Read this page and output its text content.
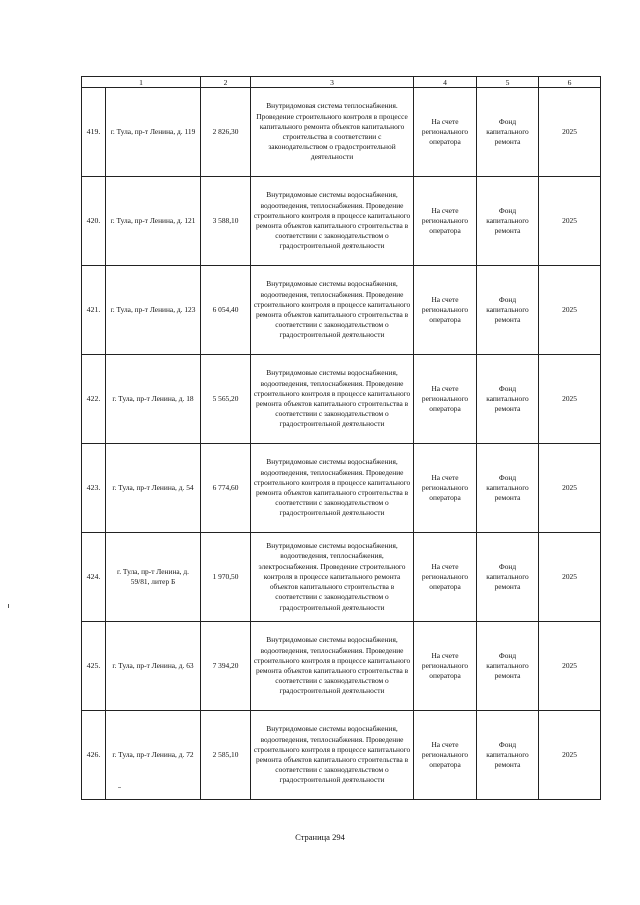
1		2	3	4	5	6
419.	г. Тула, пр-т Ленина, д. 119	2 826,30	Внутридомовая система теплоснабжения. Проведение строительного контроля в процессе капитального ремонта объектов капитального строительства в соответствии с законодательством о градостроительной деятельности	На счете регионального оператора	Фонд капитального ремонта	2025
420.	г. Тула, пр-т Ленина, д. 121	3 588,10	Внутридомовые системы водоснабжения, водоотведения, теплоснабжения. Проведение строительного контроля в процессе капитального ремонта объектов капитального строительства в соответствии с законодательством о градостроительной деятельности	На счете регионального оператора	Фонд капитального ремонта	2025
421.	г. Тула, пр-т Ленина, д. 123	6 054,40	Внутридомовые системы водоснабжения, водоотведения, теплоснабжения. Проведение строительного контроля в процессе капитального ремонта объектов капитального строительства в соответствии с законодательством о градостроительной деятельности	На счете регионального оператора	Фонд капитального ремонта	2025
422.	г. Тула, пр-т Ленина, д. 18	5 565,20	Внутридомовые системы водоснабжения, водоотведения, теплоснабжения. Проведение строительного контроля в процессе капитального ремонта объектов капитального строительства в соответствии с законодательством о градостроительной деятельности	На счете регионального оператора	Фонд капитального ремонта	2025
423.	г. Тула, пр-т Ленина, д. 54	6 774,60	Внутридомовые системы водоснабжения, водоотведения, теплоснабжения. Проведение строительного контроля в процессе капитального ремонта объектов капитального строительства в соответствии с законодательством о градостроительной деятельности	На счете регионального оператора	Фонд капитального ремонта	2025
424.	г. Тула, пр-т Ленина, д. 59/81, литер Б	1 970,50	Внутридомовые системы водоснабжения, водоотведения, теплоснабжения, электроснабжения. Проведение строительного контроля в процессе капитального ремонта объектов капитального строительства в соответствии с законодательством о градостроительной деятельности	На счете регионального оператора	Фонд капитального ремонта	2025
425.	г. Тула, пр-т Ленина, д. 63	7 394,20	Внутридомовые системы водоснабжения, водоотведения, теплоснабжения. Проведение строительного контроля в процессе капитального ремонта объектов капитального строительства в соответствии с законодательством о градостроительной деятельности	На счете регионального оператора	Фонд капитального ремонта	2025
426.	г. Тула, пр-т Ленина, д. 72	2 585,10	Внутридомовые системы водоснабжения, водоотведения, теплоснабжения. Проведение строительного контроля в процессе капитального ремонта объектов капитального строительства в соответствии с законодательством о градостроительной деятельности	На счете регионального оператора	Фонд капитального ремонта	2025
Страница 294
